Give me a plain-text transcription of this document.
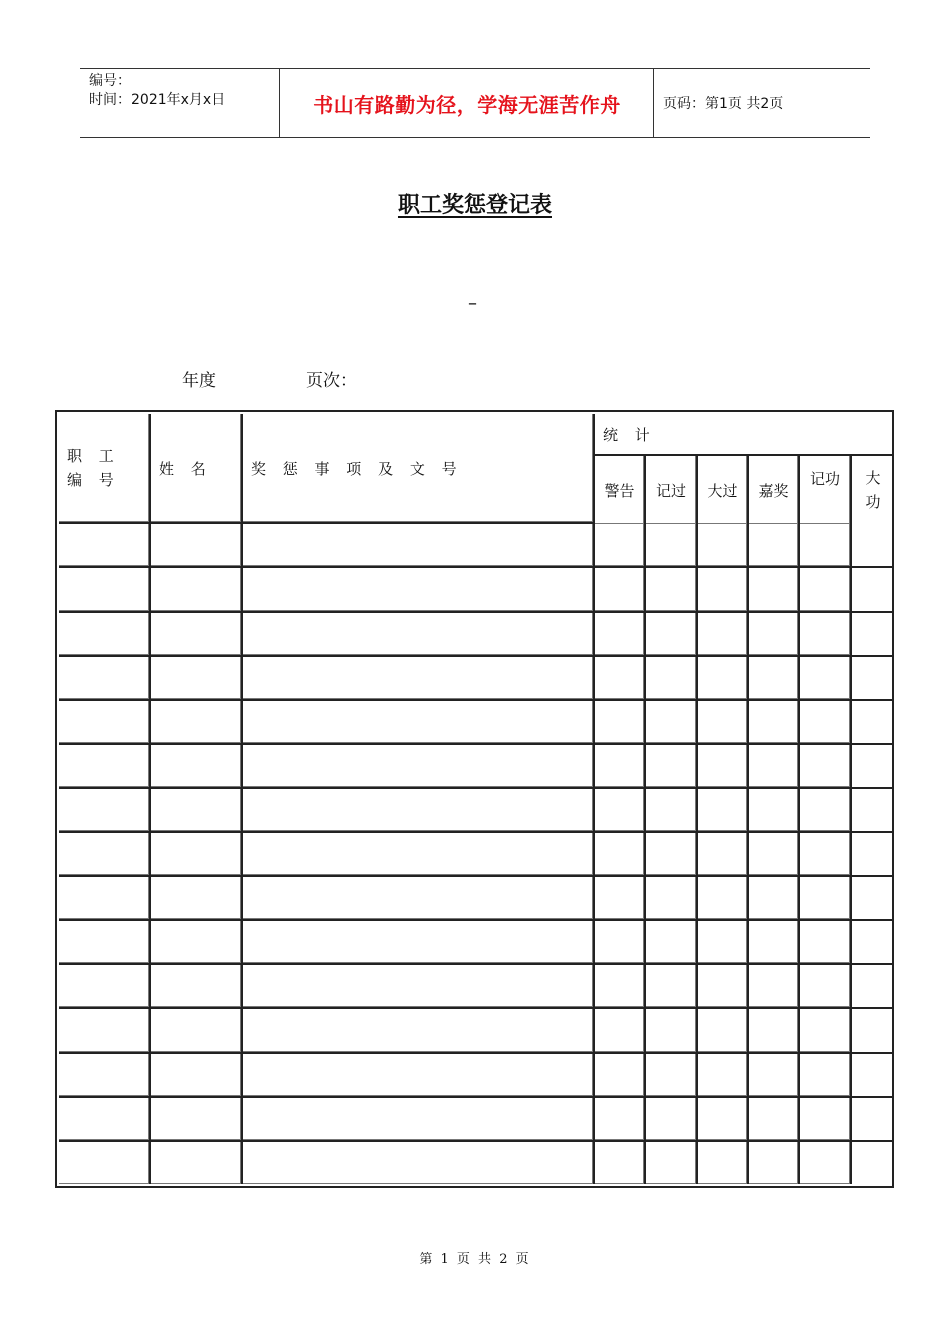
编号：
时间：2021年x月x日	书山有路勤为径，学海无涯苦作舟	页码：第1页 共2页
职工奖惩登记表
–
年度	页次：
职 工 编 号	姓 名	奖 惩 事 项 及 文 号	统 计					
			警告	记过	大过	嘉奖	记功	大 功

第 1 页 共 2 页
